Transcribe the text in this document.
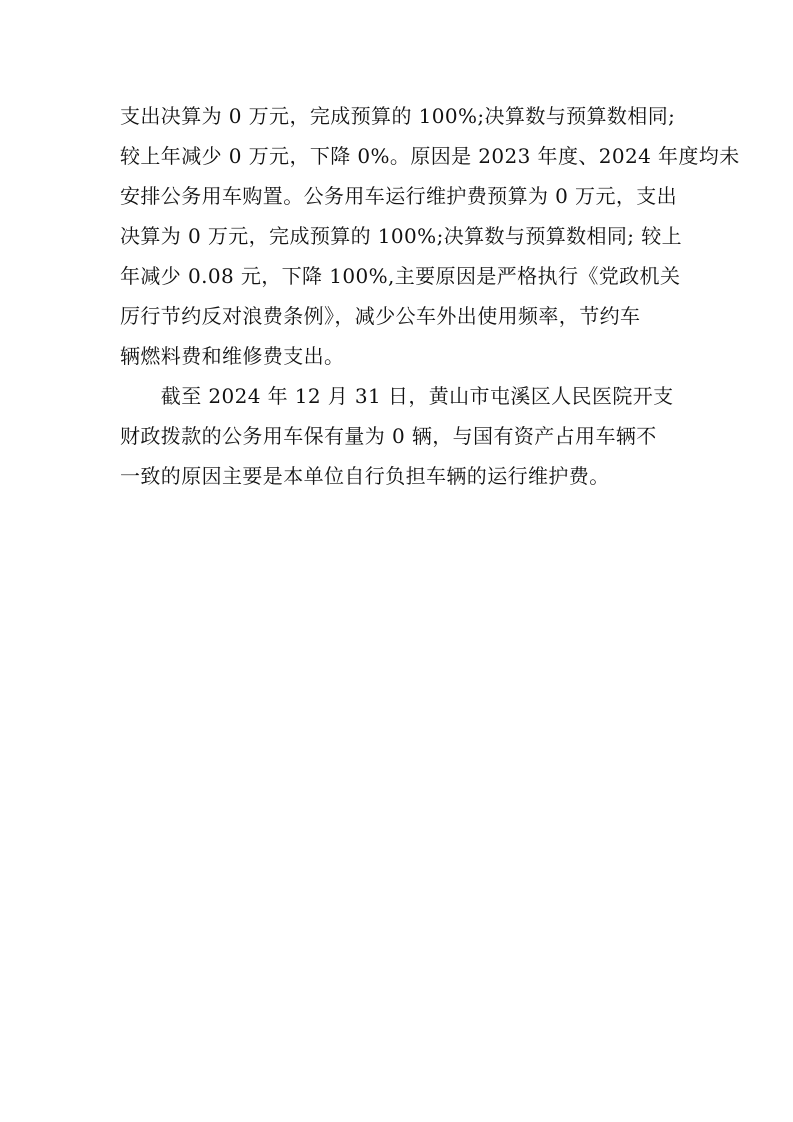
支出决算为 0 万元，完成预算的 100%;决算数与预算数相同;
较上年减少 0 万元，下降 0%。原因是 2023 年度、2024 年度均未
安排公务用车购置。公务用车运行维护费预算为 0 万元，支出
决算为 0 万元，完成预算的 100%;决算数与预算数相同; 较上
年减少 0.08 元，下降 100%,主要原因是严格执行《党政机关
厉行节约反对浪费条例》，减少公车外出使用频率，节约车
辆燃料费和维修费支出。
　　截至 2024 年 12 月 31 日，黄山市屯溪区人民医院开支
财政拨款的公务用车保有量为 0 辆，与国有资产占用车辆不
一致的原因主要是本单位自行负担车辆的运行维护费。
